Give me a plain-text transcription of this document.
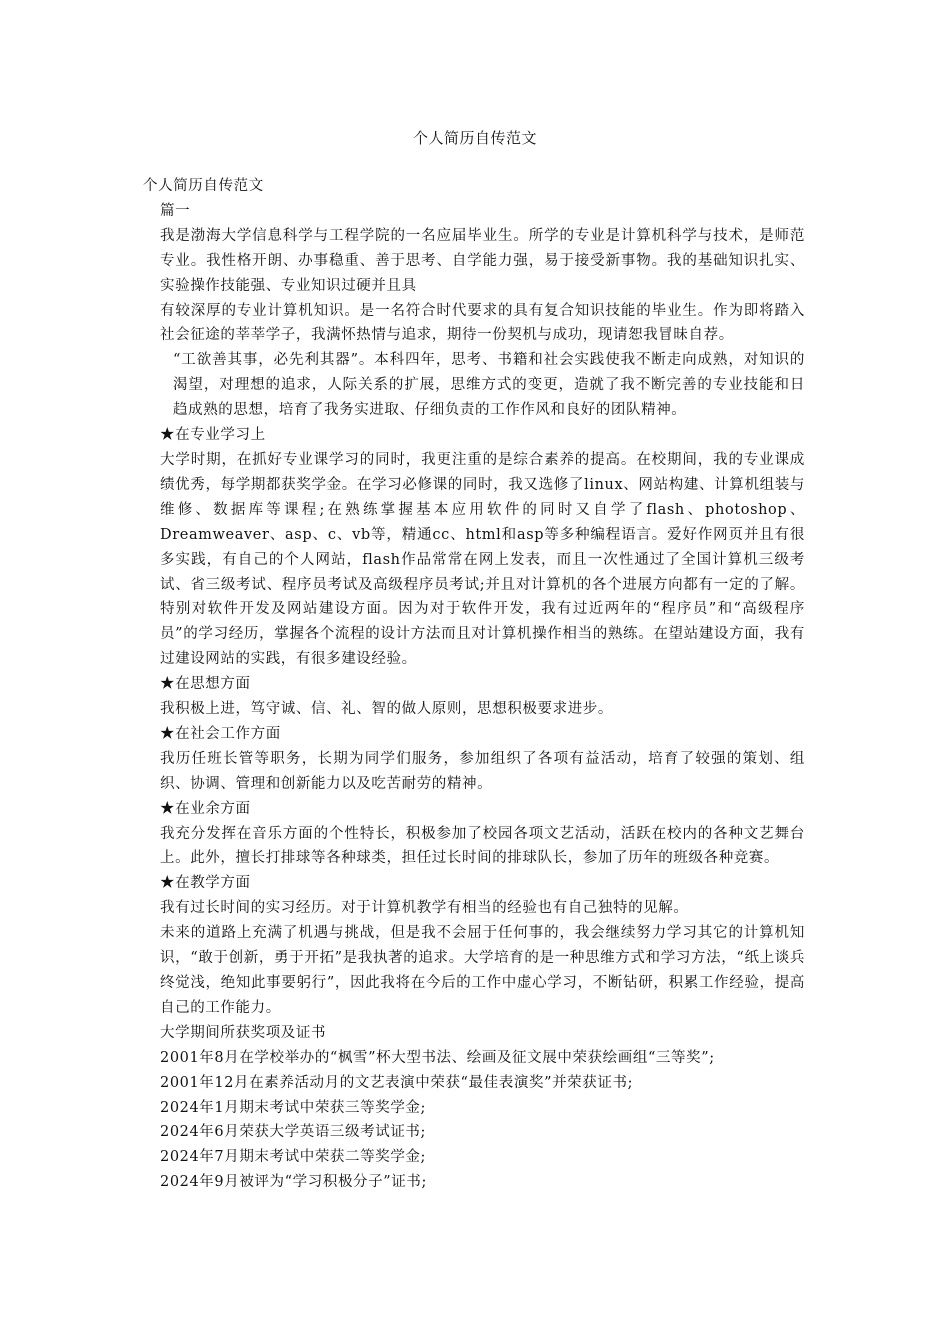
个人简历自传范文

个人简历自传范文

篇一

我是渤海大学信息科学与工程学院的一名应届毕业生。所学的专业是计算机科学与技术，是师范专业。我性格开朗、办事稳重、善于思考、自学能力强，易于接受新事物。我的基础知识扎实、实验操作技能强、专业知识过硬并且具

有较深厚的专业计算机知识。是一名符合时代要求的具有复合知识技能的毕业生。作为即将踏入社会征途的莘莘学子，我满怀热情与追求，期待一份契机与成功，现请恕我冒昧自荐。

“工欲善其事，必先利其器”。本科四年，思考、书籍和社会实践使我不断走向成熟，对知识的渴望，对理想的追求，人际关系的扩展，思维方式的变更，造就了我不断完善的专业技能和日趋成熟的思想，培育了我务实进取、仔细负责的工作作风和良好的团队精神。

★在专业学习上

大学时期，在抓好专业课学习的同时，我更注重的是综合素养的提高。在校期间，我的专业课成绩优秀，每学期都获奖学金。在学习必修课的同时，我又选修了linux、网站构建、计算机组装与维修、数据库等课程;在熟练掌握基本应用软件的同时又自学了flash、photoshop、Dreamweaver、asp、c、vb等，精通cc、html和asp等多种编程语言。爱好作网页并且有很多实践，有自己的个人网站，flash作品常常在网上发表，而且一次性通过了全国计算机三级考试、省三级考试、程序员考试及高级程序员考试;并且对计算机的各个进展方向都有一定的了解。特别对软件开发及网站建设方面。因为对于软件开发，我有过近两年的“程序员”和“高级程序员”的学习经历，掌握各个流程的设计方法而且对计算机操作相当的熟练。在望站建设方面，我有过建设网站的实践，有很多建设经验。

★在思想方面

我积极上进，笃守诚、信、礼、智的做人原则，思想积极要求进步。

★在社会工作方面

我历任班长管等职务，长期为同学们服务，参加组织了各项有益活动，培育了较强的策划、组织、协调、管理和创新能力以及吃苦耐劳的精神。

★在业余方面

我充分发挥在音乐方面的个性特长，积极参加了校园各项文艺活动，活跃在校内的各种文艺舞台上。此外，擅长打排球等各种球类，担任过长时间的排球队长，参加了历年的班级各种竞赛。

★在教学方面

我有过长时间的实习经历。对于计算机教学有相当的经验也有自己独特的见解。

未来的道路上充满了机遇与挑战，但是我不会屈于任何事的，我会继续努力学习其它的计算机知识，“敢于创新，勇于开拓”是我执著的追求。大学培育的是一种思维方式和学习方法，“纸上谈兵终觉浅，绝知此事要躬行”，因此我将在今后的工作中虚心学习，不断钻研，积累工作经验，提高自己的工作能力。

大学期间所获奖项及证书

2001年8月在学校举办的“枫雪”杯大型书法、绘画及征文展中荣获绘画组“三等奖”;

2001年12月在素养活动月的文艺表演中荣获“最佳表演奖”并荣获证书;

2024年1月期末考试中荣获三等奖学金;

2024年6月荣获大学英语三级考试证书;

2024年7月期末考试中荣获二等奖学金;

2024年9月被评为“学习积极分子”证书;
